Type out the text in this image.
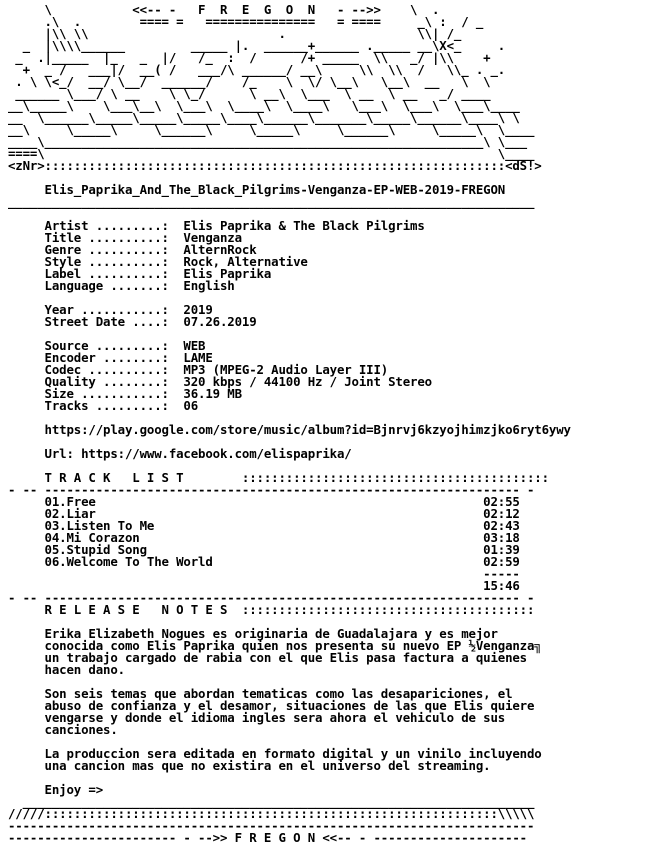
\           <<-- -   F  R  E  G  O  N   - -->>    \  .
.\  .        ==== =   ===============   = ====     _\ :  / _
|\\ \\                          .                  \\| /_
_  |\\\\______         _____ |.  ______+______ ._____ __\X<_     .
_  .|_____  |_   _  |/   /_  :  /      /+ _____  \\   _/ |\\    +
+  _ /   ___|/  __( /   ___/\ ______/ __\     \\  \\  /   \\_ . _.
. \ \<_/  __/ \__/  ______/    /_    \  \/ \__\   \__\  __   \  \
______ \___/ \ __    \ \_/      \ __\  \___  \ __  \ __   _/ ____
__\_____\    \___\__\  \___\  \____\  \____\   \___\  \___\  \___\____
__  \______\_____\_____\_____\____\______\_______\_____\______\____\ \
__\     \_____\     \______\     \_____\     \______\     \_____\  \____
____\____________________________________________________________\ \___
====\                                                              \____
<zNr>:::::::::::::::::::::::::::::::::::::::::::::::::::::::::::::::<dS!>

Elis_Paprika_And_The_Black_Pilgrims-Venganza-EP-WEB-2019-FREGON
________________________________________________________________________

Artist .........:  Elis Paprika & The Black Pilgrims
Title ..........:  Venganza
Genre ..........:  AlternRock
Style ..........:  Rock, Alternative
Label ..........:  Elis Paprika
Language .......:  English

Year ...........:  2019
Street Date ....:  07.26.2019

Source .........:  WEB
Encoder ........:  LAME
Codec ..........:  MP3 (MPEG-2 Audio Layer III)
Quality ........:  320 kbps / 44100 Hz / Joint Stereo
Size ...........:  36.19 MB
Tracks .........:  06

https://play.google.com/store/music/album?id=Bjnrvj6kzyojhimzjko6ryt6ywy

Url: https://www.facebook.com/elispaprika/

T R A C K   L I S T        ::::::::::::::::::::::::::::::::::::::::::
- -- ----------------------------------------------------------------- -
01.Free                                                     02:55
02.Liar                                                     02:12
03.Listen To Me                                             02:43
04.Mi Corazon                                               03:18
05.Stupid Song                                              01:39
06.Welcome To The World                                     02:59
-----
15:46
- -- ----------------------------------------------------------------- -
R E L E A S E   N O T E S  ::::::::::::::::::::::::::::::::::::::::

Erika Elizabeth Nogues es originaria de Guadalajara y es mejor
conocida como Elis Paprika quien nos presenta su nuevo EP ½Venganza╗
un trabajo cargado de rabia con el que Elis pasa factura a quienes
hacen dano.

Son seis temas que abordan tematicas como las desapariciones, el
abuso de confianza y el desamor, situaciones de las que Elis quiere
vengarse y donde el idioma ingles sera ahora el vehiculo de sus
canciones.

La produccion sera editada en formato digital y un vinilo incluyendo
una cancion mas que no existira en el universo del streaming.

Enjoy =>
______________________________________________________________________
/////::::::::::::::::::::::::::::::::::::::::::::::::::::::::::::::\\\\\
------------------------------------------------------------------------
----------------------- - -->> F R E G O N <<-- - ---------------------
